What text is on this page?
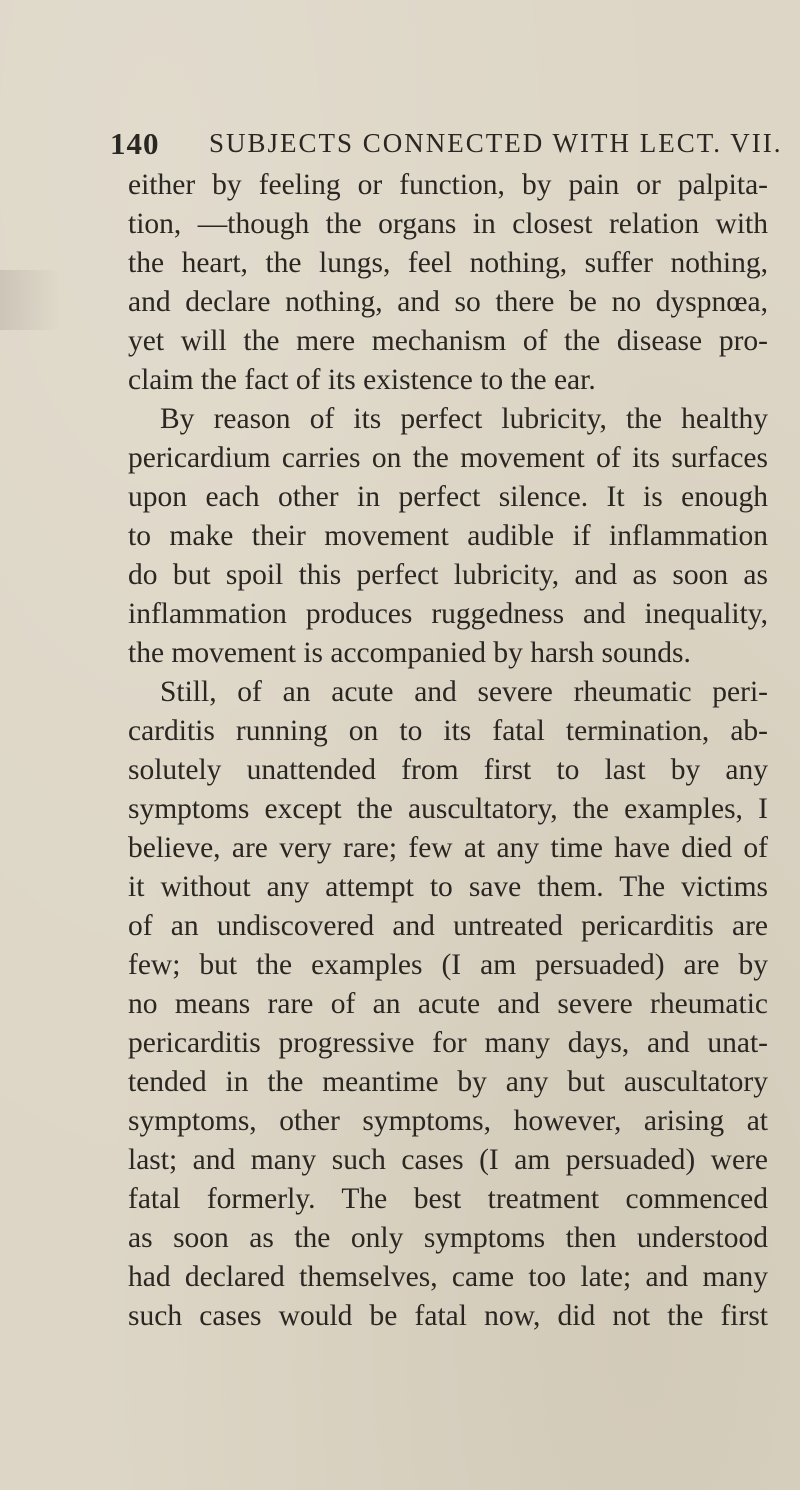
140 SUBJECTS CONNECTED WITH LECT. VII.
either by feeling or function, by pain or palpita-
tion, —though the organs in closest relation with
the heart, the lungs, feel nothing, suffer nothing,
and declare nothing, and so there be no dyspnœa,
yet will the mere mechanism of the disease pro-
claim the fact of its existence to the ear.
By reason of its perfect lubricity, the healthy
pericardium carries on the movement of its surfaces
upon each other in perfect silence. It is enough
to make their movement audible if inflammation
do but spoil this perfect lubricity, and as soon as
inflammation produces ruggedness and inequality,
the movement is accompanied by harsh sounds.
Still, of an acute and severe rheumatic peri-
carditis running on to its fatal termination, ab-
solutely unattended from first to last by any
symptoms except the auscultatory, the examples, I
believe, are very rare; few at any time have died of
it without any attempt to save them. The victims
of an undiscovered and untreated pericarditis are
few; but the examples (I am persuaded) are by
no means rare of an acute and severe rheumatic
pericarditis progressive for many days, and unat-
tended in the meantime by any but auscultatory
symptoms, other symptoms, however, arising at
last; and many such cases (I am persuaded) were
fatal formerly. The best treatment commenced
as soon as the only symptoms then understood
had declared themselves, came too late; and many
such cases would be fatal now, did not the first
